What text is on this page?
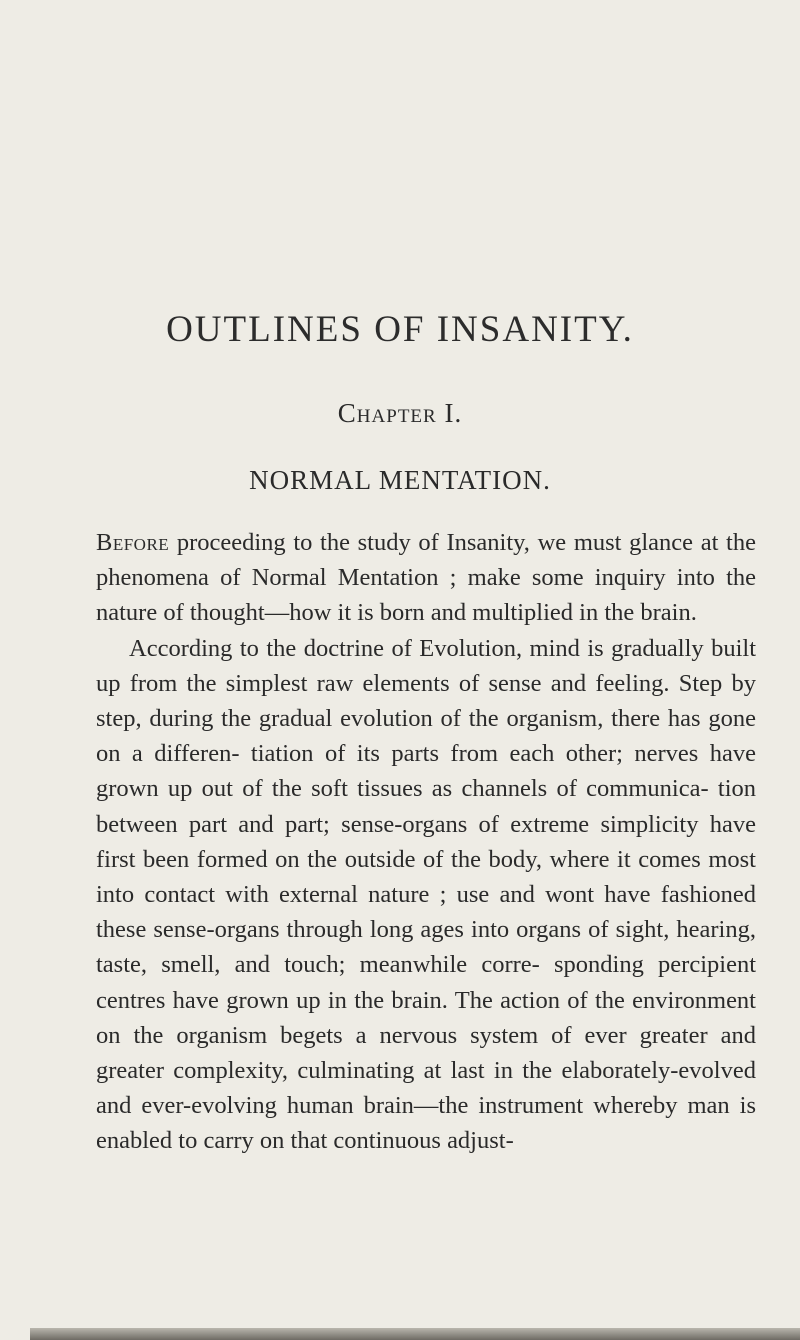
OUTLINES OF INSANITY.
Chapter I.
NORMAL MENTATION.

Before proceeding to the study of Insanity, we must glance at the phenomena of Normal Mentation ; make some inquiry into the nature of thought—how it is born and multiplied in the brain.

According to the doctrine of Evolution, mind is gradually built up from the simplest raw elements of sense and feeling. Step by step, during the gradual evolution of the organism, there has gone on a differen- tiation of its parts from each other; nerves have grown up out of the soft tissues as channels of communica- tion between part and part; sense-organs of extreme simplicity have first been formed on the outside of the body, where it comes most into contact with external nature ; use and wont have fashioned these sense-organs through long ages into organs of sight, hearing, taste, smell, and touch; meanwhile corre- sponding percipient centres have grown up in the brain. The action of the environment on the organism begets a nervous system of ever greater and greater complexity, culminating at last in the elaborately-evolved and ever-evolving human brain—the instrument whereby man is enabled to carry on that continuous adjust-
